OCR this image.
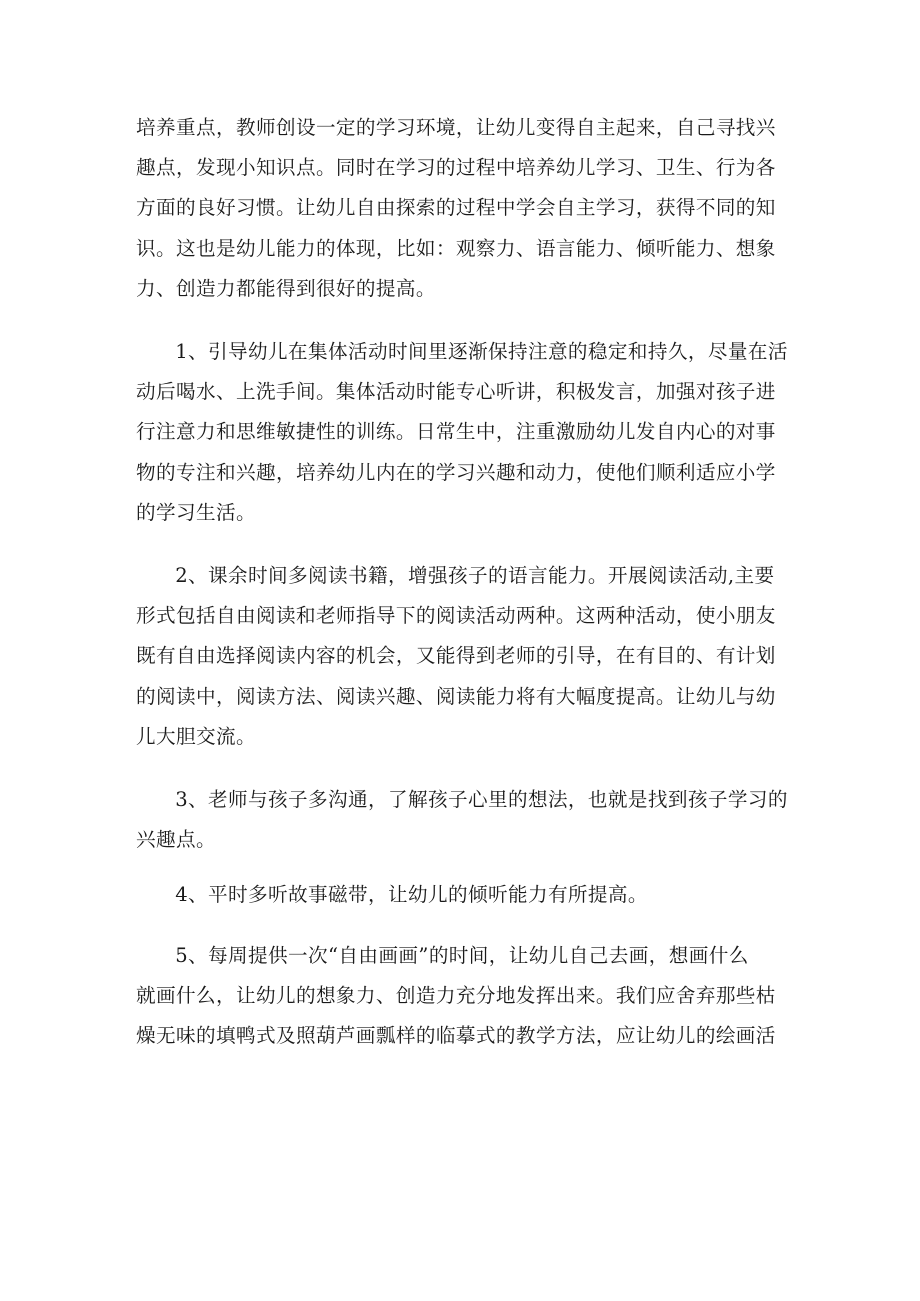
培养重点，教师创设一定的学习环境，让幼儿变得自主起来，自己寻找兴
趣点，发现小知识点。同时在学习的过程中培养幼儿学习、卫生、行为各
方面的良好习惯。让幼儿自由探索的过程中学会自主学习，获得不同的知
识。这也是幼儿能力的体现，比如：观察力、语言能力、倾听能力、想象
力、创造力都能得到很好的提高。

1、引导幼儿在集体活动时间里逐渐保持注意的稳定和持久，尽量在活
动后喝水、上洗手间。集体活动时能专心听讲，积极发言，加强对孩子进
行注意力和思维敏捷性的训练。日常生中，注重激励幼儿发自内心的对事
物的专注和兴趣，培养幼儿内在的学习兴趣和动力，使他们顺利适应小学
的学习生活。

2、课余时间多阅读书籍，增强孩子的语言能力。开展阅读活动,主要
形式包括自由阅读和老师指导下的阅读活动两种。这两种活动，使小朋友
既有自由选择阅读内容的机会，又能得到老师的引导，在有目的、有计划
的阅读中，阅读方法、阅读兴趣、阅读能力将有大幅度提高。让幼儿与幼
儿大胆交流。

3、老师与孩子多沟通，了解孩子心里的想法，也就是找到孩子学习的
兴趣点。

4、平时多听故事磁带，让幼儿的倾听能力有所提高。

5、每周提供一次“自由画画”的时间，让幼儿自己去画，想画什么
就画什么，让幼儿的想象力、创造力充分地发挥出来。我们应舍弃那些枯
燥无味的填鸭式及照葫芦画瓢样的临摹式的教学方法，应让幼儿的绘画活
